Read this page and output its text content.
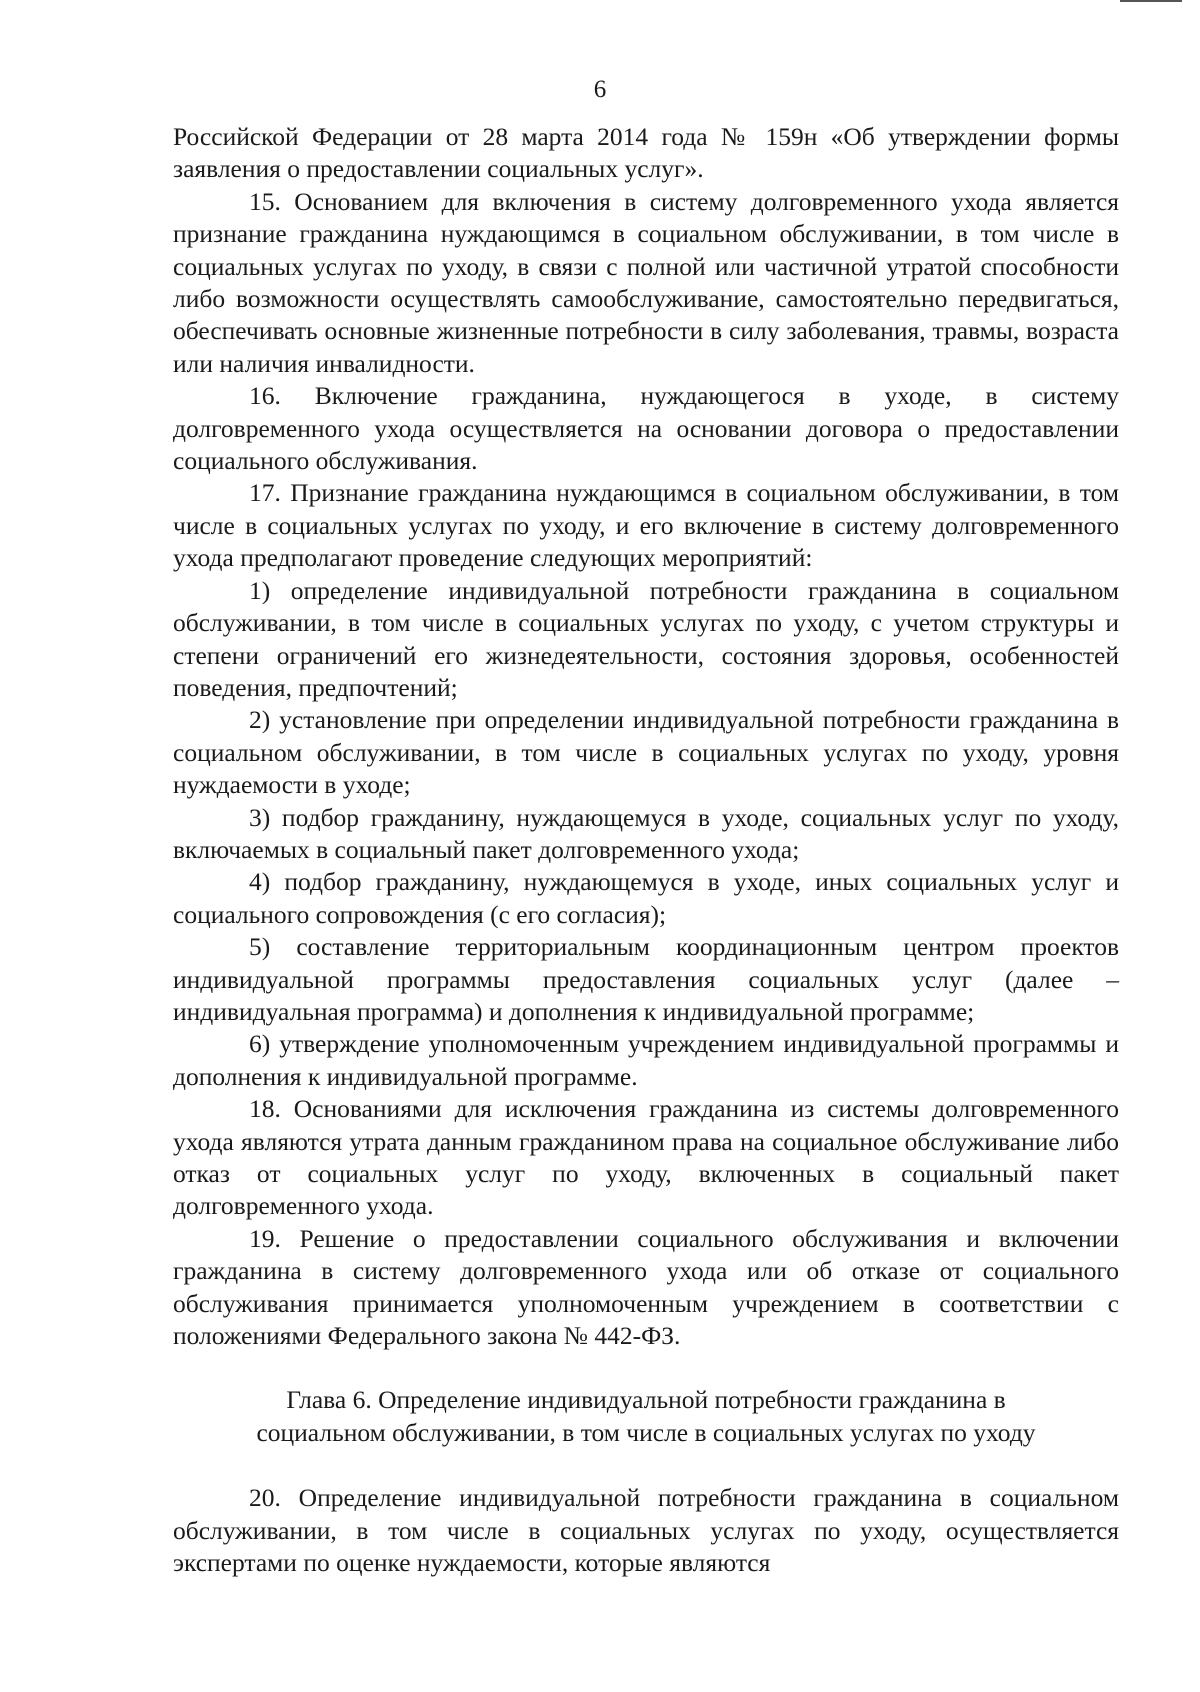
6

Российской Федерации от 28 марта 2014 года № 159н «Об утверждении формы заявления о предоставлении социальных услуг».

15. Основанием для включения в систему долговременного ухода является признание гражданина нуждающимся в социальном обслуживании, в том числе в социальных услугах по уходу, в связи с полной или частичной утратой способности либо возможности осуществлять самообслуживание, самостоятельно передвигаться, обеспечивать основные жизненные потребности в силу заболевания, травмы, возраста или наличия инвалидности.

16. Включение гражданина, нуждающегося в уходе, в систему долговременного ухода осуществляется на основании договора о предоставлении социального обслуживания.

17. Признание гражданина нуждающимся в социальном обслуживании, в том числе в социальных услугах по уходу, и его включение в систему долговременного ухода предполагают проведение следующих мероприятий:

1) определение индивидуальной потребности гражданина в социальном обслуживании, в том числе в социальных услугах по уходу, с учетом структуры и степени ограничений его жизнедеятельности, состояния здоровья, особенностей поведения, предпочтений;

2) установление при определении индивидуальной потребности гражданина в социальном обслуживании, в том числе в социальных услугах по уходу, уровня нуждаемости в уходе;

3) подбор гражданину, нуждающемуся в уходе, социальных услуг по уходу, включаемых в социальный пакет долговременного ухода;

4) подбор гражданину, нуждающемуся в уходе, иных социальных услуг и социального сопровождения (с его согласия);

5) составление территориальным координационным центром проектов индивидуальной программы предоставления социальных услуг (далее – индивидуальная программа) и дополнения к индивидуальной программе;

6) утверждение уполномоченным учреждением индивидуальной программы и дополнения к индивидуальной программе.

18. Основаниями для исключения гражданина из системы долговременного ухода являются утрата данным гражданином права на социальное обслуживание либо отказ от социальных услуг по уходу, включенных в социальный пакет долговременного ухода.

19. Решение о предоставлении социального обслуживания и включении гражданина в систему долговременного ухода или об отказе от социального обслуживания принимается уполномоченным учреждением в соответствии с положениями Федерального закона № 442-ФЗ.

Глава 6. Определение индивидуальной потребности гражданина в
социальном обслуживании, в том числе в социальных услугах по уходу

20. Определение индивидуальной потребности гражданина в социальном обслуживании, в том числе в социальных услугах по уходу, осуществляется экспертами по оценке нуждаемости, которые являются
